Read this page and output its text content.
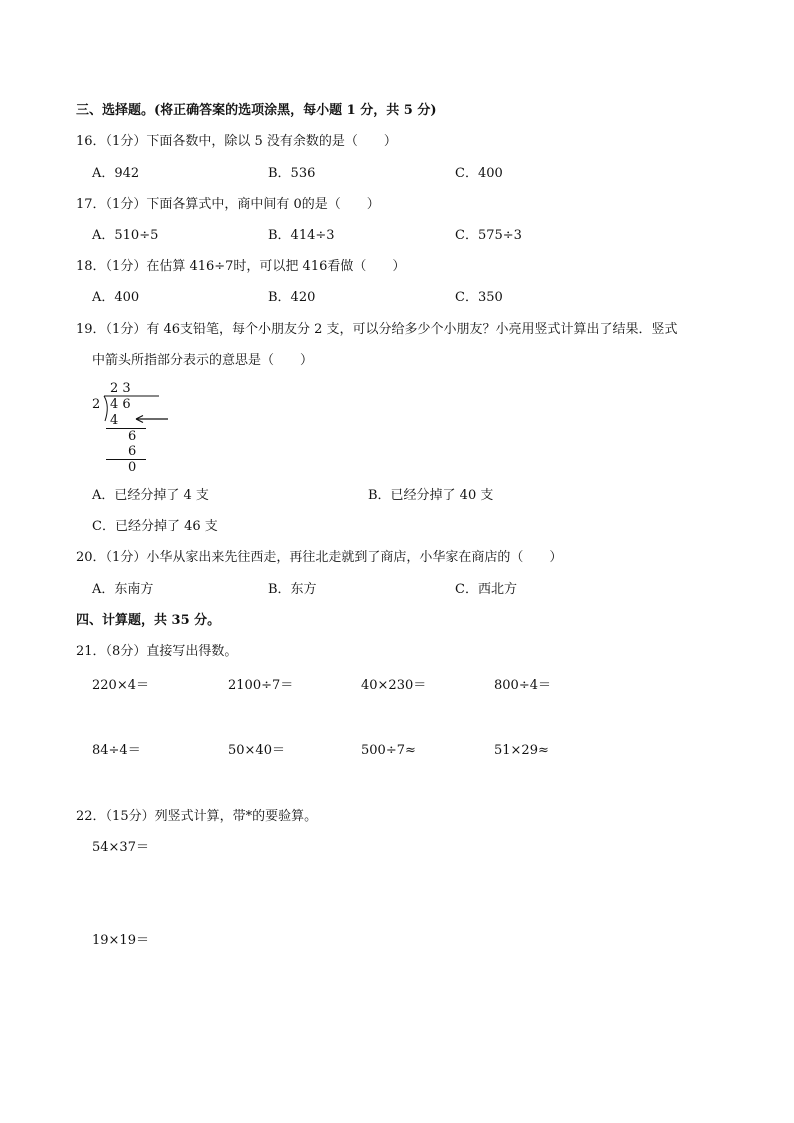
三、选择题。(将正确答案的选项涂黑，每小题 1 分，共 5 分)
16．（1分）下面各数中，除以 5 没有余数的是（　　）
A．942	B．536	C．400
17．（1分）下面各算式中，商中间有 0的是（　　）
A．510÷5	B．414÷3	C．575÷3
18．（1分）在估算 416÷7时，可以把 416看做（　　）
A．400	B．420	C．350
19．（1分）有 46支铅笔，每个小朋友分 2 支，可以分给多少个小朋友？小亮用竖式计算出了结果．竖式
中箭头所指部分表示的意思是（　　）
2 3
2 4 6
4
6
6
0
A．已经分掉了 4 支	B．已经分掉了 40 支
C．已经分掉了 46 支
20．（1分）小华从家出来先往西走，再往北走就到了商店，小华家在商店的（　　）
A．东南方	B．东方	C．西北方
四、计算题，共 35 分。
21．（8分）直接写出得数。
220×4＝	2100÷7＝	40×230＝	800÷4＝
84÷4＝	50×40＝	500÷7≈	51×29≈
22．（15分）列竖式计算，带*的要验算。
54×37＝
19×19＝
